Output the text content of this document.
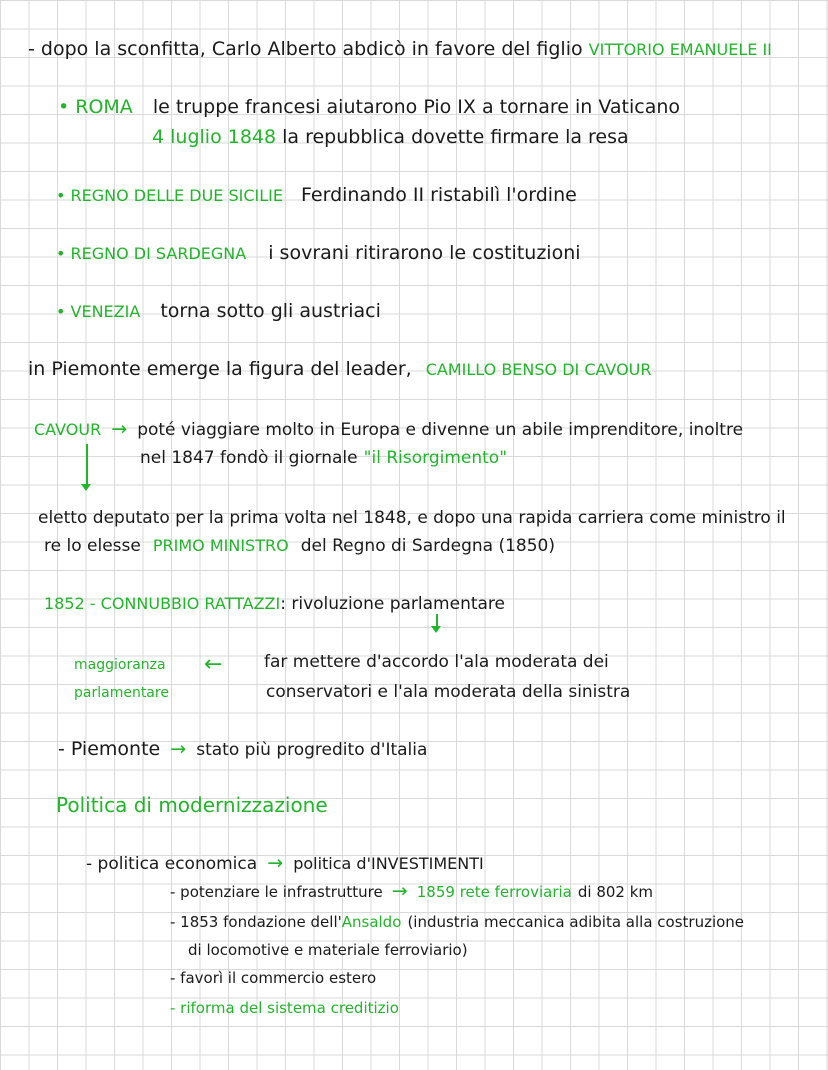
- dopo la sconfitta, Carlo Alberto abdicò in favore del figlio VITTORIO EMANUELE II
• ROMA le truppe francesi aiutarono Pio IX a tornare in Vaticano
4 luglio 1848 la repubblica dovette firmare la resa
• REGNO DELLE DUE SICILIE Ferdinando II ristabilì l'ordine
• REGNO DI SARDEGNA i sovrani ritirarono le costituzioni
• VENEZIA torna sotto gli austriaci
in Piemonte emerge la figura del leader, CAMILLO BENSO DI CAVOUR
CAVOUR → poté viaggiare molto in Europa e divenne un abile imprenditore, inoltre
nel 1847 fondò il giornale "il Risorgimento"
eletto deputato per la prima volta nel 1848, e dopo una rapida carriera come ministro il
re lo elesse PRIMO MINISTRO del Regno di Sardegna (1850)
1852 - CONNUBBIO RATTAZZI: rivoluzione parlamentare
maggioranza
parlamentare
← far mettere d'accordo l'ala moderata dei
conservatori e l'ala moderata della sinistra
- Piemonte → stato più progredito d'Italia
Politica di modernizzazione
- politica economica → politica d'INVESTIMENTI
- potenziare le infrastrutture → 1859 rete ferroviaria di 802 km
- 1853 fondazione dell'Ansaldo (industria meccanica adibita alla costruzione
di locomotive e materiale ferroviario)
- favorì il commercio estero
- riforma del sistema creditizio
